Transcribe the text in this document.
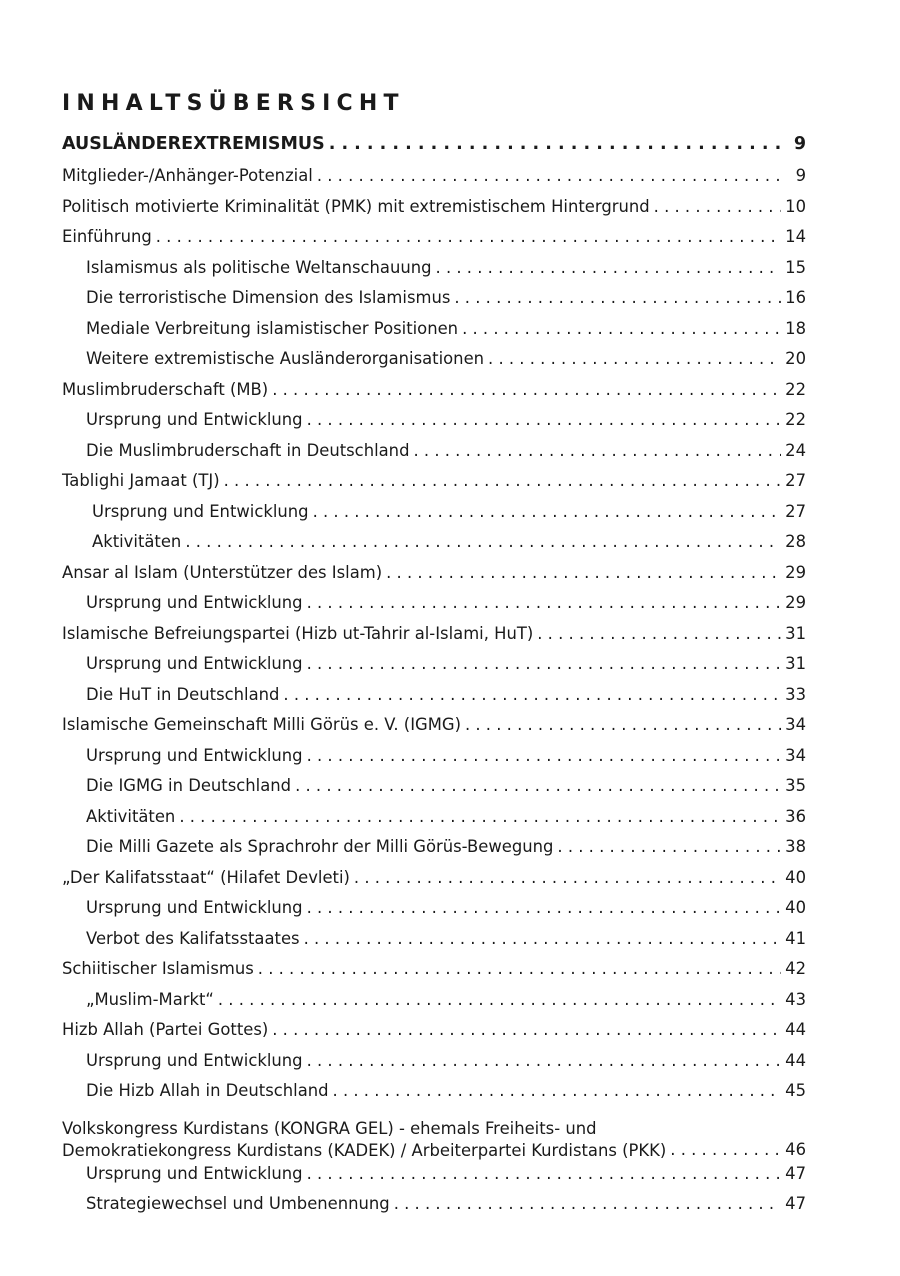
INHALTSÜBERSICHT
AUSLÄNDEREXTREMISMUS . . .	9
Mitglieder-/Anhänger-Potenzial . . .	9
Politisch motivierte Kriminalität (PMK) mit extremistischem Hintergrund . . .	10
Einführung . . .	14
Islamismus als politische Weltanschauung . . .	15
Die terroristische Dimension des Islamismus . . .	16
Mediale Verbreitung islamistischer Positionen . . .	18
Weitere extremistische Ausländerorganisationen . . .	20
Muslimbruderschaft (MB) . . .	22
Ursprung und Entwicklung . . .	22
Die Muslimbruderschaft in Deutschland . . .	24
Tablighi Jamaat (TJ) . . .	27
Ursprung und Entwicklung . . .	27
Aktivitäten . . .	28
Ansar al Islam (Unterstützer des Islam) . . .	29
Ursprung und Entwicklung . . .	29
Islamische Befreiungspartei (Hizb ut-Tahrir al-Islami, HuT) . . .	31
Ursprung und Entwicklung . . .	31
Die HuT in Deutschland . . .	33
Islamische Gemeinschaft Milli Görüs e. V. (IGMG) . . .	34
Ursprung und Entwicklung . . .	34
Die IGMG in Deutschland . . .	35
Aktivitäten . . .	36
Die Milli Gazete als Sprachrohr der Milli Görüs-Bewegung . . .	38
„Der Kalifatsstaat“ (Hilafet Devleti) . . .	40
Ursprung und Entwicklung . . .	40
Verbot des Kalifatsstaates . . .	41
Schiitischer Islamismus . . .	42
„Muslim-Markt“ . . .	43
Hizb Allah (Partei Gottes) . . .	44
Ursprung und Entwicklung . . .	44
Die Hizb Allah in Deutschland . . .	45
Volkskongress Kurdistans (KONGRA GEL) - ehemals Freiheits- und
Demokratiekongress Kurdistans (KADEK) / Arbeiterpartei Kurdistans (PKK) . . .	46
Ursprung und Entwicklung . . .	47
Strategiewechsel und Umbenennung . . .	47
